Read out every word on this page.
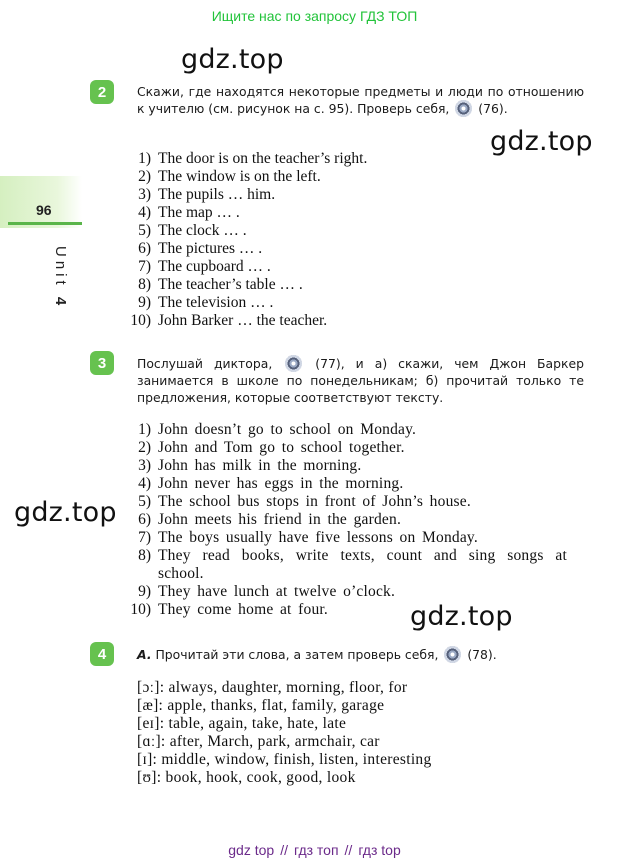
Ищите нас по запросу ГДЗ ТОП
gdz.top
gdz.top
gdz.top
gdz.top
96
Unit 4
2	Скажи, где находятся некоторые предметы и люди по отношению к учителю (см. рисунок на с. 95). Проверь себя, (76).
1) The door is on the teacher’s right.
2) The window is on the left.
3) The pupils … him.
4) The map … .
5) The clock … .
6) The pictures … .
7) The cupboard … .
8) The teacher’s table … .
9) The television … .
10) John Barker … the teacher.
3	Послушай диктора,	(77), и а) скажи, чем Джон Баркер занимается в школе по понедельникам; б) прочитай только те предложения, которые соответствуют тексту.
1) John doesn’t go to school on Monday.
2) John and Tom go to school together.
3) John has milk in the morning.
4) John never has eggs in the morning.
5) The school bus stops in front of John’s house.
6) John meets his friend in the garden.
7) The boys usually have five lessons on Monday.
8) They read books, write texts, count and sing songs at school.
9) They have lunch at twelve o’clock.
10) They come home at four.
4	A. Прочитай эти слова, а затем проверь себя, (78).
[ɔː]: always, daughter, morning, floor, for
[æ]: apple, thanks, flat, family, garage
[eɪ]: table, again, take, hate, late
[ɑː]: after, March, park, armchair, car
[ɪ]: middle, window, finish, listen, interesting
[ʊ]: book, hook, cook, good, look
gdz top // гдз топ // гдз top
